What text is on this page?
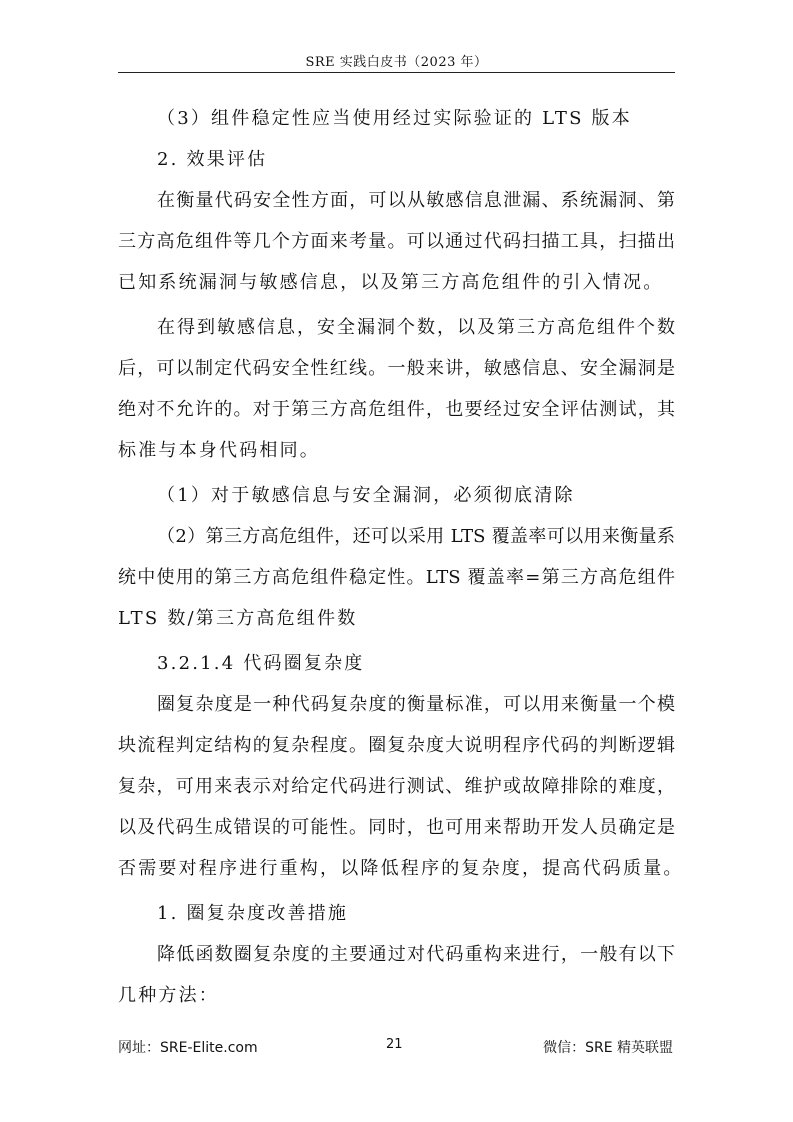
SRE 实践白皮书（2023 年）
（3）组件稳定性应当使用经过实际验证的 LTS 版本
2. 效果评估
在衡量代码安全性方面，可以从敏感信息泄漏、系统漏洞、第
三方高危组件等几个方面来考量。可以通过代码扫描工具，扫描出
已知系统漏洞与敏感信息，以及第三方高危组件的引入情况。
在得到敏感信息，安全漏洞个数，以及第三方高危组件个数
后，可以制定代码安全性红线。一般来讲，敏感信息、安全漏洞是
绝对不允许的。对于第三方高危组件，也要经过安全评估测试，其
标准与本身代码相同。
（1）对于敏感信息与安全漏洞，必须彻底清除
（2）第三方高危组件，还可以采用 LTS 覆盖率可以用来衡量系
统中使用的第三方高危组件稳定性。LTS 覆盖率=第三方高危组件
LTS 数/第三方高危组件数
3.2.1.4 代码圈复杂度
圈复杂度是一种代码复杂度的衡量标准，可以用来衡量一个模
块流程判定结构的复杂程度。圈复杂度大说明程序代码的判断逻辑
复杂，可用来表示对给定代码进行测试、维护或故障排除的难度，
以及代码生成错误的可能性。同时，也可用来帮助开发人员确定是
否需要对程序进行重构，以降低程序的复杂度，提高代码质量。
1. 圈复杂度改善措施
降低函数圈复杂度的主要通过对代码重构来进行，一般有以下
几种方法：
网址：SRE-Elite.com	21	微信：SRE 精英联盟
